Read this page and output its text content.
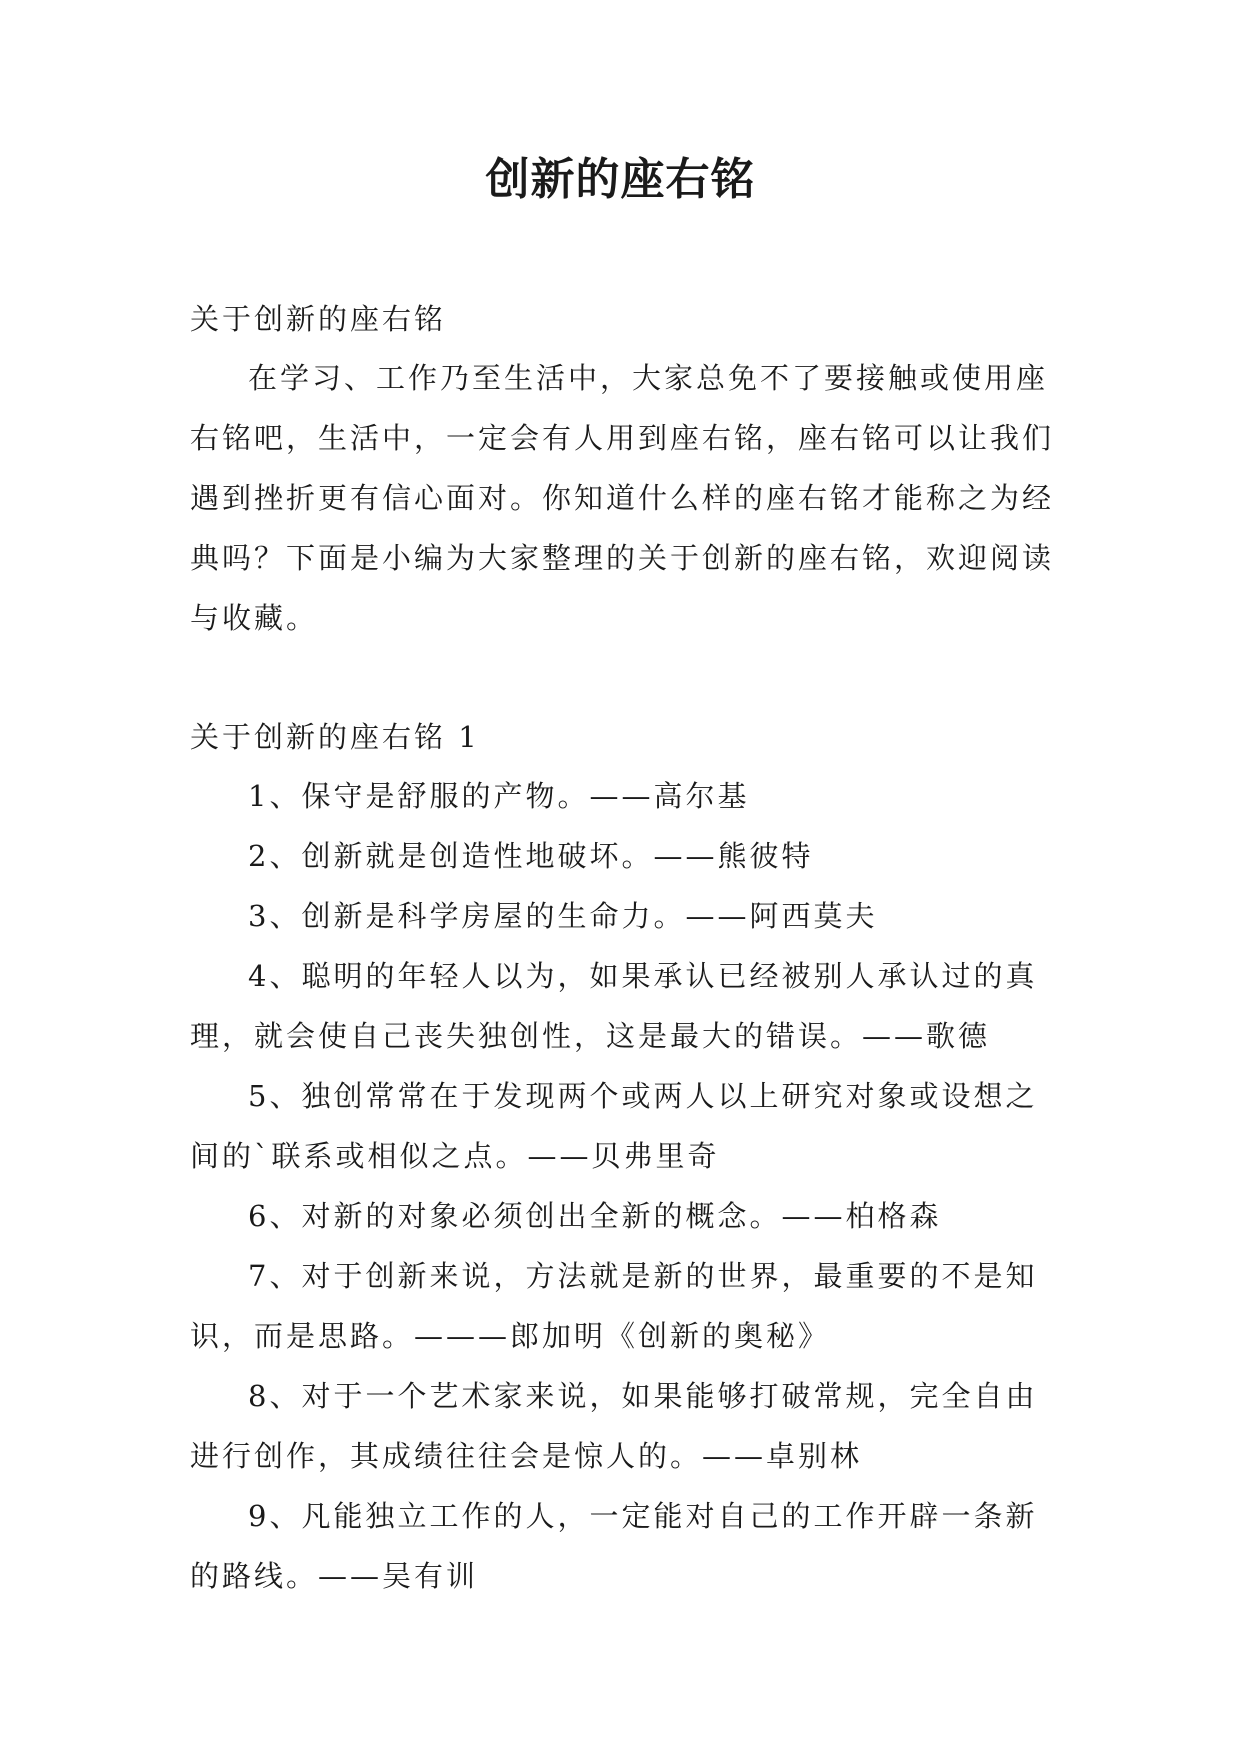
创新的座右铭

关于创新的座右铭

在学习、工作乃至生活中，大家总免不了要接触或使用座右铭吧，生活中，一定会有人用到座右铭，座右铭可以让我们遇到挫折更有信心面对。你知道什么样的座右铭才能称之为经典吗？下面是小编为大家整理的关于创新的座右铭，欢迎阅读与收藏。

关于创新的座右铭 1

1、保守是舒服的产物。——高尔基

2、创新就是创造性地破坏。——熊彼特

3、创新是科学房屋的生命力。——阿西莫夫

4、聪明的年轻人以为，如果承认已经被别人承认过的真理，就会使自己丧失独创性，这是最大的错误。——歌德

5、独创常常在于发现两个或两人以上研究对象或设想之间的`联系或相似之点。——贝弗里奇

6、对新的对象必须创出全新的概念。——柏格森

7、对于创新来说，方法就是新的世界，最重要的不是知识，而是思路。———郎加明《创新的奥秘》

8、对于一个艺术家来说，如果能够打破常规，完全自由进行创作，其成绩往往会是惊人的。——卓别林

9、凡能独立工作的人，一定能对自己的工作开辟一条新的路线。——吴有训
